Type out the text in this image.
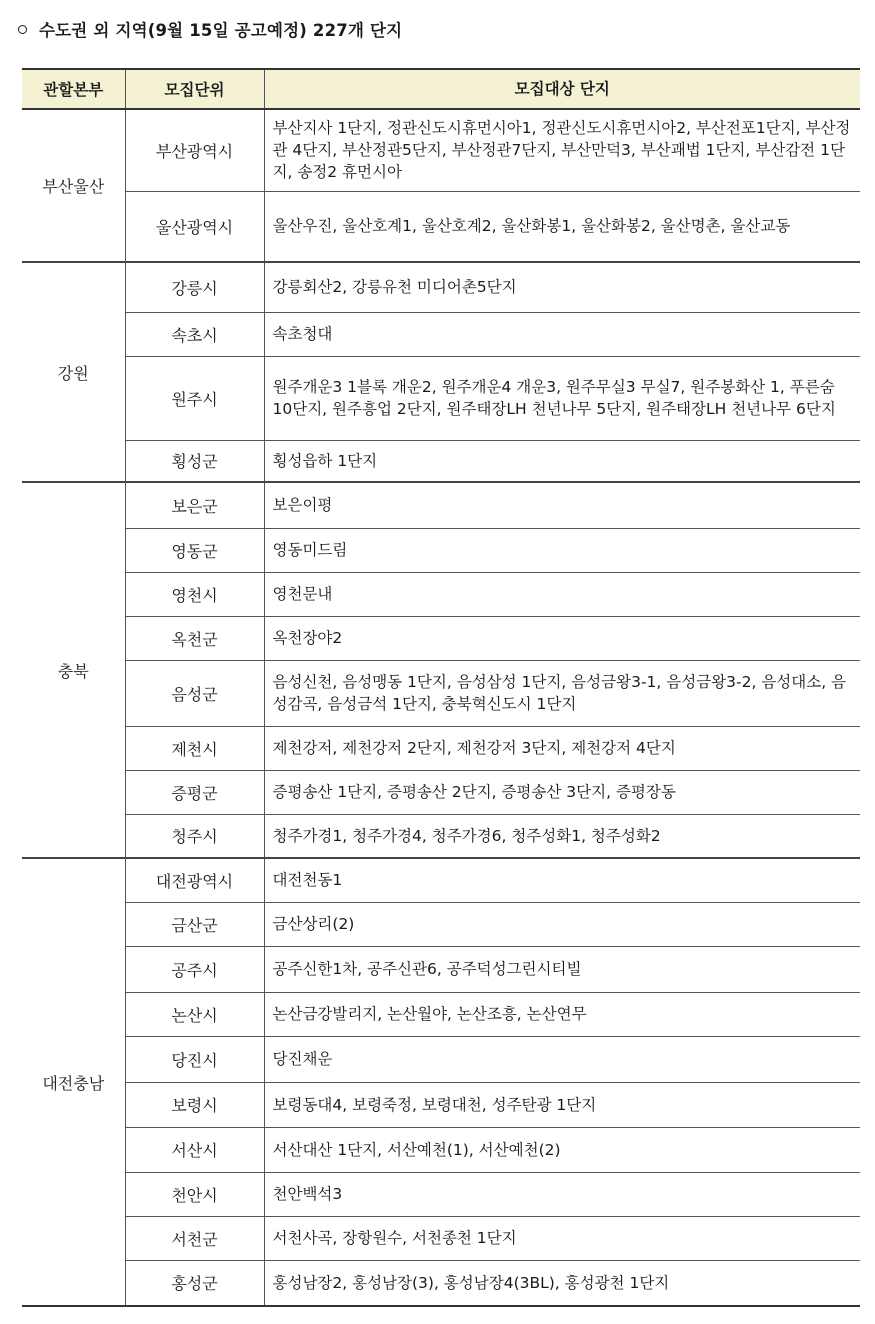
수도권 외 지역(9월 15일 공고예정) 227개 단지
관할본부	모집단위	모집대상 단지
부산울산	부산광역시	부산지사 1단지, 정관신도시휴먼시아1, 정관신도시휴먼시아2, 부산전포1단지, 부산정관 4단지, 부산정관5단지, 부산정관7단지, 부산만덕3, 부산괘법 1단지, 부산감전 1단지, 송정2 휴먼시아
	울산광역시	울산우진, 울산호계1, 울산호계2, 울산화봉1, 울산화봉2, 울산명촌, 울산교동
강원	강릉시	강릉회산2, 강릉유천 미디어촌5단지
	속초시	속초청대
	원주시	원주개운3 1블록 개운2, 원주개운4 개운3, 원주무실3 무실7, 원주봉화산 1, 푸른숨 10단지, 원주흥업 2단지, 원주태장LH 천년나무 5단지, 원주태장LH 천년나무 6단지
	횡성군	횡성읍하 1단지
충북	보은군	보은이평
	영동군	영동미드림
	영천시	영천문내
	옥천군	옥천장야2
	음성군	음성신천, 음성맹동 1단지, 음성삼성 1단지, 음성금왕3-1, 음성금왕3-2, 음성대소, 음성감곡, 음성금석 1단지, 충북혁신도시 1단지
	제천시	제천강저, 제천강저 2단지, 제천강저 3단지, 제천강저 4단지
	증평군	증평송산 1단지, 증평송산 2단지, 증평송산 3단지, 증평장동
	청주시	청주가경1, 청주가경4, 청주가경6, 청주성화1, 청주성화2
대전충남	대전광역시	대전천동1
	금산군	금산상리(2)
	공주시	공주신한1차, 공주신관6, 공주덕성그린시티빌
	논산시	논산금강발리지, 논산월야, 논산조흥, 논산연무
	당진시	당진채운
	보령시	보령동대4, 보령죽정, 보령대천, 성주탄광 1단지
	서산시	서산대산 1단지, 서산예천(1), 서산예천(2)
	천안시	천안백석3
	서천군	서천사곡, 장항원수, 서천종천 1단지
	홍성군	홍성남장2, 홍성남장(3), 홍성남장4(3BL), 홍성광천 1단지
